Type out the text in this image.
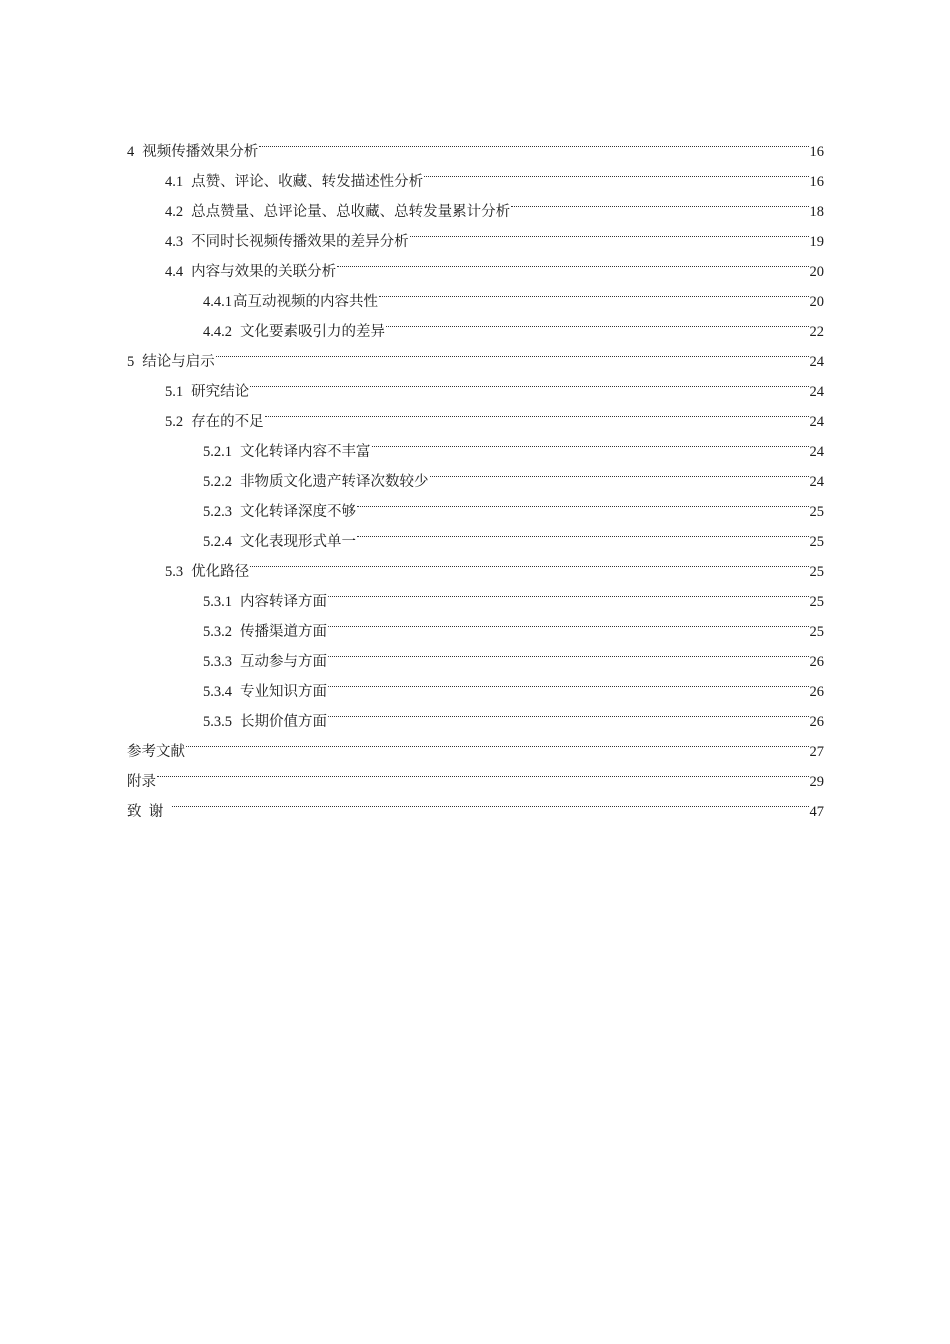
4 视频传播效果分析	16
4.1 点赞、评论、收藏、转发描述性分析	16
4.2 总点赞量、总评论量、总收藏、总转发量累计分析	18
4.3 不同时长视频传播效果的差异分析	19
4.4 内容与效果的关联分析	20
4.4.1 高互动视频的内容共性	20
4.4.2 文化要素吸引力的差异	22
5 结论与启示	24
5.1 研究结论	24
5.2 存在的不足	24
5.2.1 文化转译内容不丰富	24
5.2.2 非物质文化遗产转译次数较少	24
5.2.3 文化转译深度不够	25
5.2.4 文化表现形式单一	25
5.3 优化路径	25
5.3.1 内容转译方面	25
5.3.2 传播渠道方面	25
5.3.3 互动参与方面	26
5.3.4 专业知识方面	26
5.3.5 长期价值方面	26
参考文献	27
附录	29
致谢	47
